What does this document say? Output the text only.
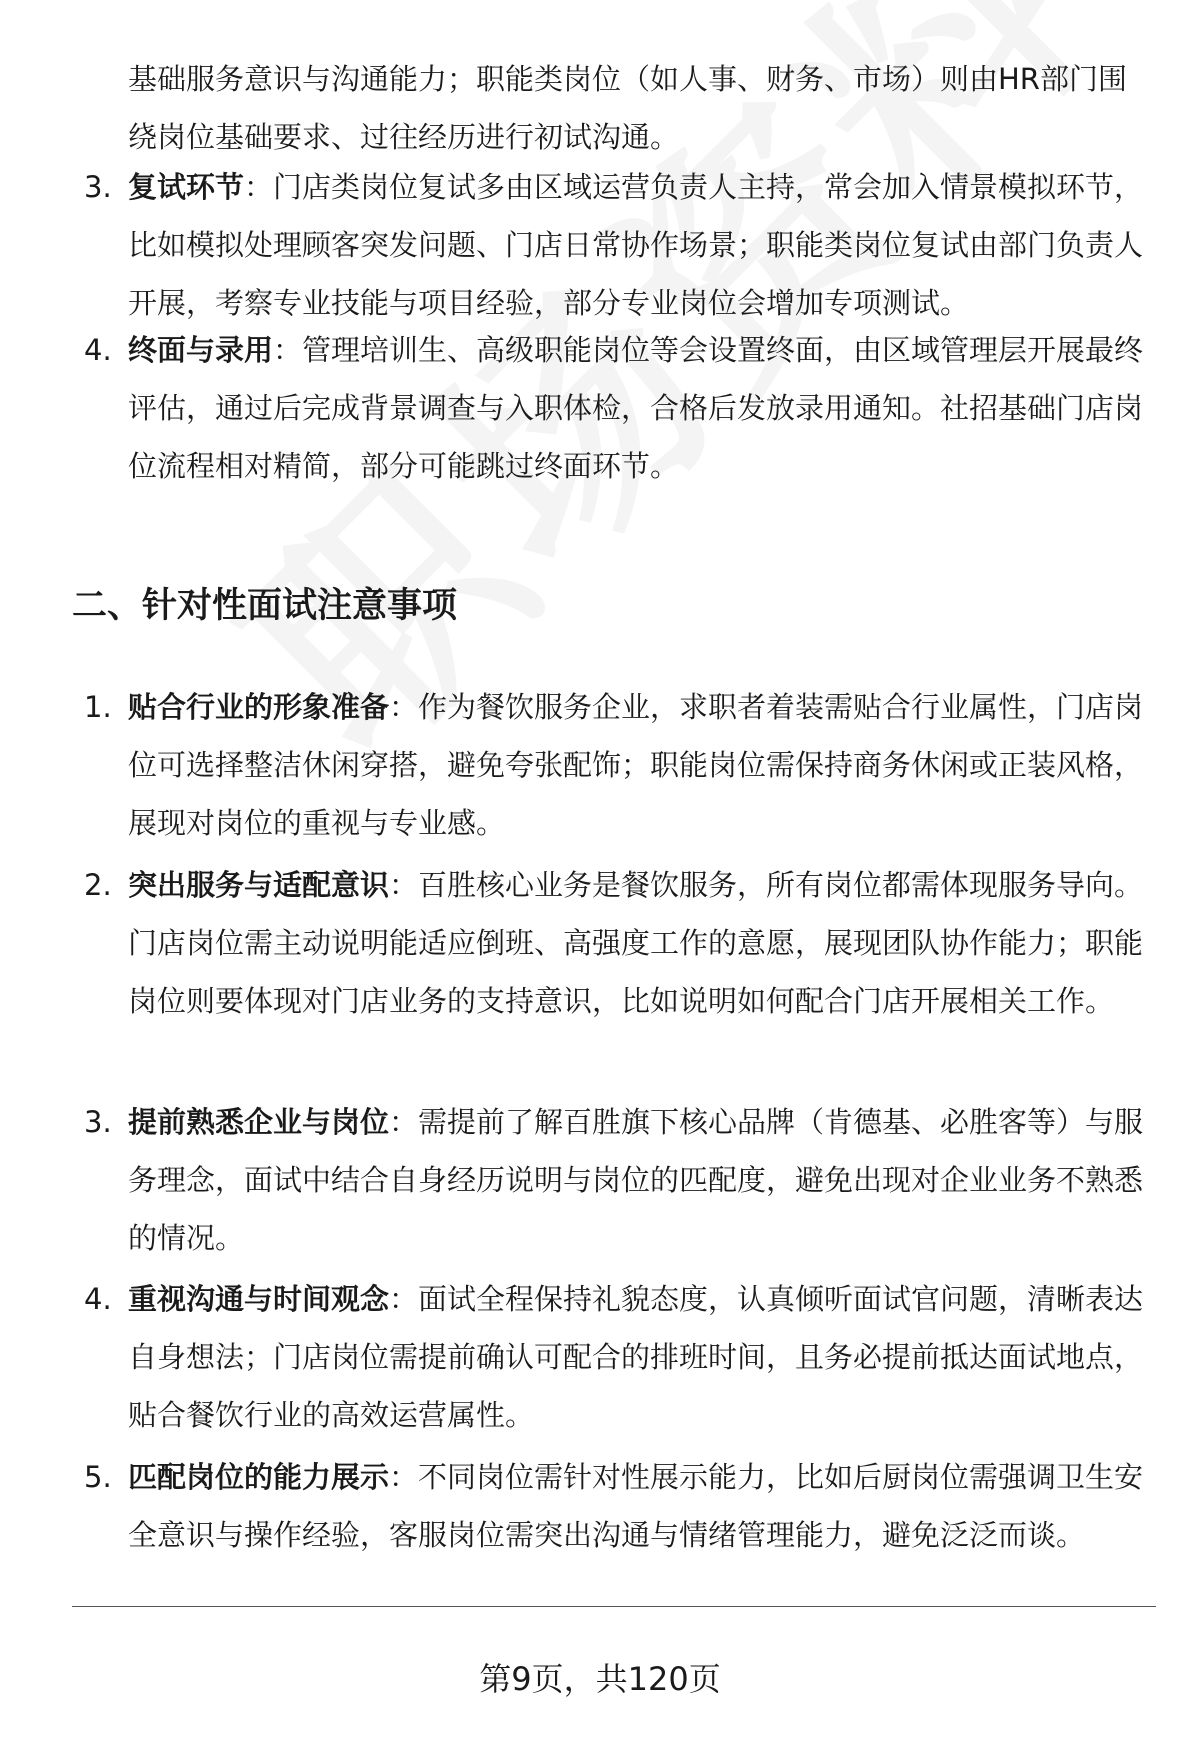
基础服务意识与沟通能力；职能类岗位（如人事、财务、市场）则由HR部门围绕岗位基础要求、过往经历进行初试沟通。

3. 复试环节：门店类岗位复试多由区域运营负责人主持，常会加入情景模拟环节，比如模拟处理顾客突发问题、门店日常协作场景；职能类岗位复试由部门负责人开展，考察专业技能与项目经验，部分专业岗位会增加专项测试。
4. 终面与录用：管理培训生、高级职能岗位等会设置终面，由区域管理层开展最终评估，通过后完成背景调查与入职体检，合格后发放录用通知。社招基础门店岗位流程相对精简，部分可能跳过终面环节。
二、针对性面试注意事项
1. 贴合行业的形象准备：作为餐饮服务企业，求职者着装需贴合行业属性，门店岗位可选择整洁休闲穿搭，避免夸张配饰；职能岗位需保持商务休闲或正装风格，展现对岗位的重视与专业感。
2. 突出服务与适配意识：百胜核心业务是餐饮服务，所有岗位都需体现服务导向。门店岗位需主动说明能适应倒班、高强度工作的意愿，展现团队协作能力；职能岗位则要体现对门店业务的支持意识，比如说明如何配合门店开展相关工作。
3. 提前熟悉企业与岗位：需提前了解百胜旗下核心品牌（肯德基、必胜客等）与服务理念，面试中结合自身经历说明与岗位的匹配度，避免出现对企业业务不熟悉的情况。
4. 重视沟通与时间观念：面试全程保持礼貌态度，认真倾听面试官问题，清晰表达自身想法；门店岗位需提前确认可配合的排班时间，且务必提前抵达面试地点，贴合餐饮行业的高效运营属性。
5. 匹配岗位的能力展示：不同岗位需针对性展示能力，比如后厨岗位需强调卫生安全意识与操作经验，客服岗位需突出沟通与情绪管理能力，避免泛泛而谈。
第9页，共120页
